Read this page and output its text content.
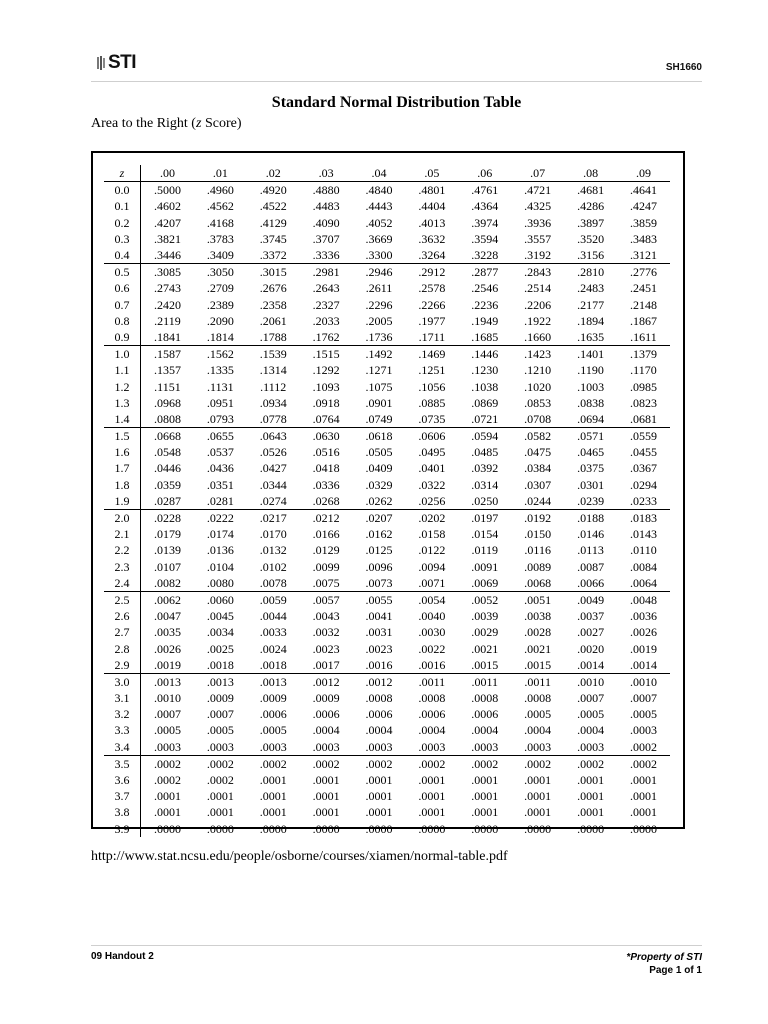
STI	SH1660
Standard Normal Distribution Table
Area to the Right (z Score)
z	.00	.01	.02	.03	.04	.05	.06	.07	.08	.09
0.0	.5000	.4960	.4920	.4880	.4840	.4801	.4761	.4721	.4681	.4641
0.1	.4602	.4562	.4522	.4483	.4443	.4404	.4364	.4325	.4286	.4247
0.2	.4207	.4168	.4129	.4090	.4052	.4013	.3974	.3936	.3897	.3859
0.3	.3821	.3783	.3745	.3707	.3669	.3632	.3594	.3557	.3520	.3483
0.4	.3446	.3409	.3372	.3336	.3300	.3264	.3228	.3192	.3156	.3121
0.5	.3085	.3050	.3015	.2981	.2946	.2912	.2877	.2843	.2810	.2776
0.6	.2743	.2709	.2676	.2643	.2611	.2578	.2546	.2514	.2483	.2451
0.7	.2420	.2389	.2358	.2327	.2296	.2266	.2236	.2206	.2177	.2148
0.8	.2119	.2090	.2061	.2033	.2005	.1977	.1949	.1922	.1894	.1867
0.9	.1841	.1814	.1788	.1762	.1736	.1711	.1685	.1660	.1635	.1611
1.0	.1587	.1562	.1539	.1515	.1492	.1469	.1446	.1423	.1401	.1379
1.1	.1357	.1335	.1314	.1292	.1271	.1251	.1230	.1210	.1190	.1170
1.2	.1151	.1131	.1112	.1093	.1075	.1056	.1038	.1020	.1003	.0985
1.3	.0968	.0951	.0934	.0918	.0901	.0885	.0869	.0853	.0838	.0823
1.4	.0808	.0793	.0778	.0764	.0749	.0735	.0721	.0708	.0694	.0681
1.5	.0668	.0655	.0643	.0630	.0618	.0606	.0594	.0582	.0571	.0559
1.6	.0548	.0537	.0526	.0516	.0505	.0495	.0485	.0475	.0465	.0455
1.7	.0446	.0436	.0427	.0418	.0409	.0401	.0392	.0384	.0375	.0367
1.8	.0359	.0351	.0344	.0336	.0329	.0322	.0314	.0307	.0301	.0294
1.9	.0287	.0281	.0274	.0268	.0262	.0256	.0250	.0244	.0239	.0233
2.0	.0228	.0222	.0217	.0212	.0207	.0202	.0197	.0192	.0188	.0183
2.1	.0179	.0174	.0170	.0166	.0162	.0158	.0154	.0150	.0146	.0143
2.2	.0139	.0136	.0132	.0129	.0125	.0122	.0119	.0116	.0113	.0110
2.3	.0107	.0104	.0102	.0099	.0096	.0094	.0091	.0089	.0087	.0084
2.4	.0082	.0080	.0078	.0075	.0073	.0071	.0069	.0068	.0066	.0064
2.5	.0062	.0060	.0059	.0057	.0055	.0054	.0052	.0051	.0049	.0048
2.6	.0047	.0045	.0044	.0043	.0041	.0040	.0039	.0038	.0037	.0036
2.7	.0035	.0034	.0033	.0032	.0031	.0030	.0029	.0028	.0027	.0026
2.8	.0026	.0025	.0024	.0023	.0023	.0022	.0021	.0021	.0020	.0019
2.9	.0019	.0018	.0018	.0017	.0016	.0016	.0015	.0015	.0014	.0014
3.0	.0013	.0013	.0013	.0012	.0012	.0011	.0011	.0011	.0010	.0010
3.1	.0010	.0009	.0009	.0009	.0008	.0008	.0008	.0008	.0007	.0007
3.2	.0007	.0007	.0006	.0006	.0006	.0006	.0006	.0005	.0005	.0005
3.3	.0005	.0005	.0005	.0004	.0004	.0004	.0004	.0004	.0004	.0003
3.4	.0003	.0003	.0003	.0003	.0003	.0003	.0003	.0003	.0003	.0002
3.5	.0002	.0002	.0002	.0002	.0002	.0002	.0002	.0002	.0002	.0002
3.6	.0002	.0002	.0001	.0001	.0001	.0001	.0001	.0001	.0001	.0001
3.7	.0001	.0001	.0001	.0001	.0001	.0001	.0001	.0001	.0001	.0001
3.8	.0001	.0001	.0001	.0001	.0001	.0001	.0001	.0001	.0001	.0001
3.9	.0000	.0000	.0000	.0000	.0000	.0000	.0000	.0000	.0000	.0000
http://www.stat.ncsu.edu/people/osborne/courses/xiamen/normal-table.pdf
09 Handout 2	*Property of STI
Page 1 of 1
